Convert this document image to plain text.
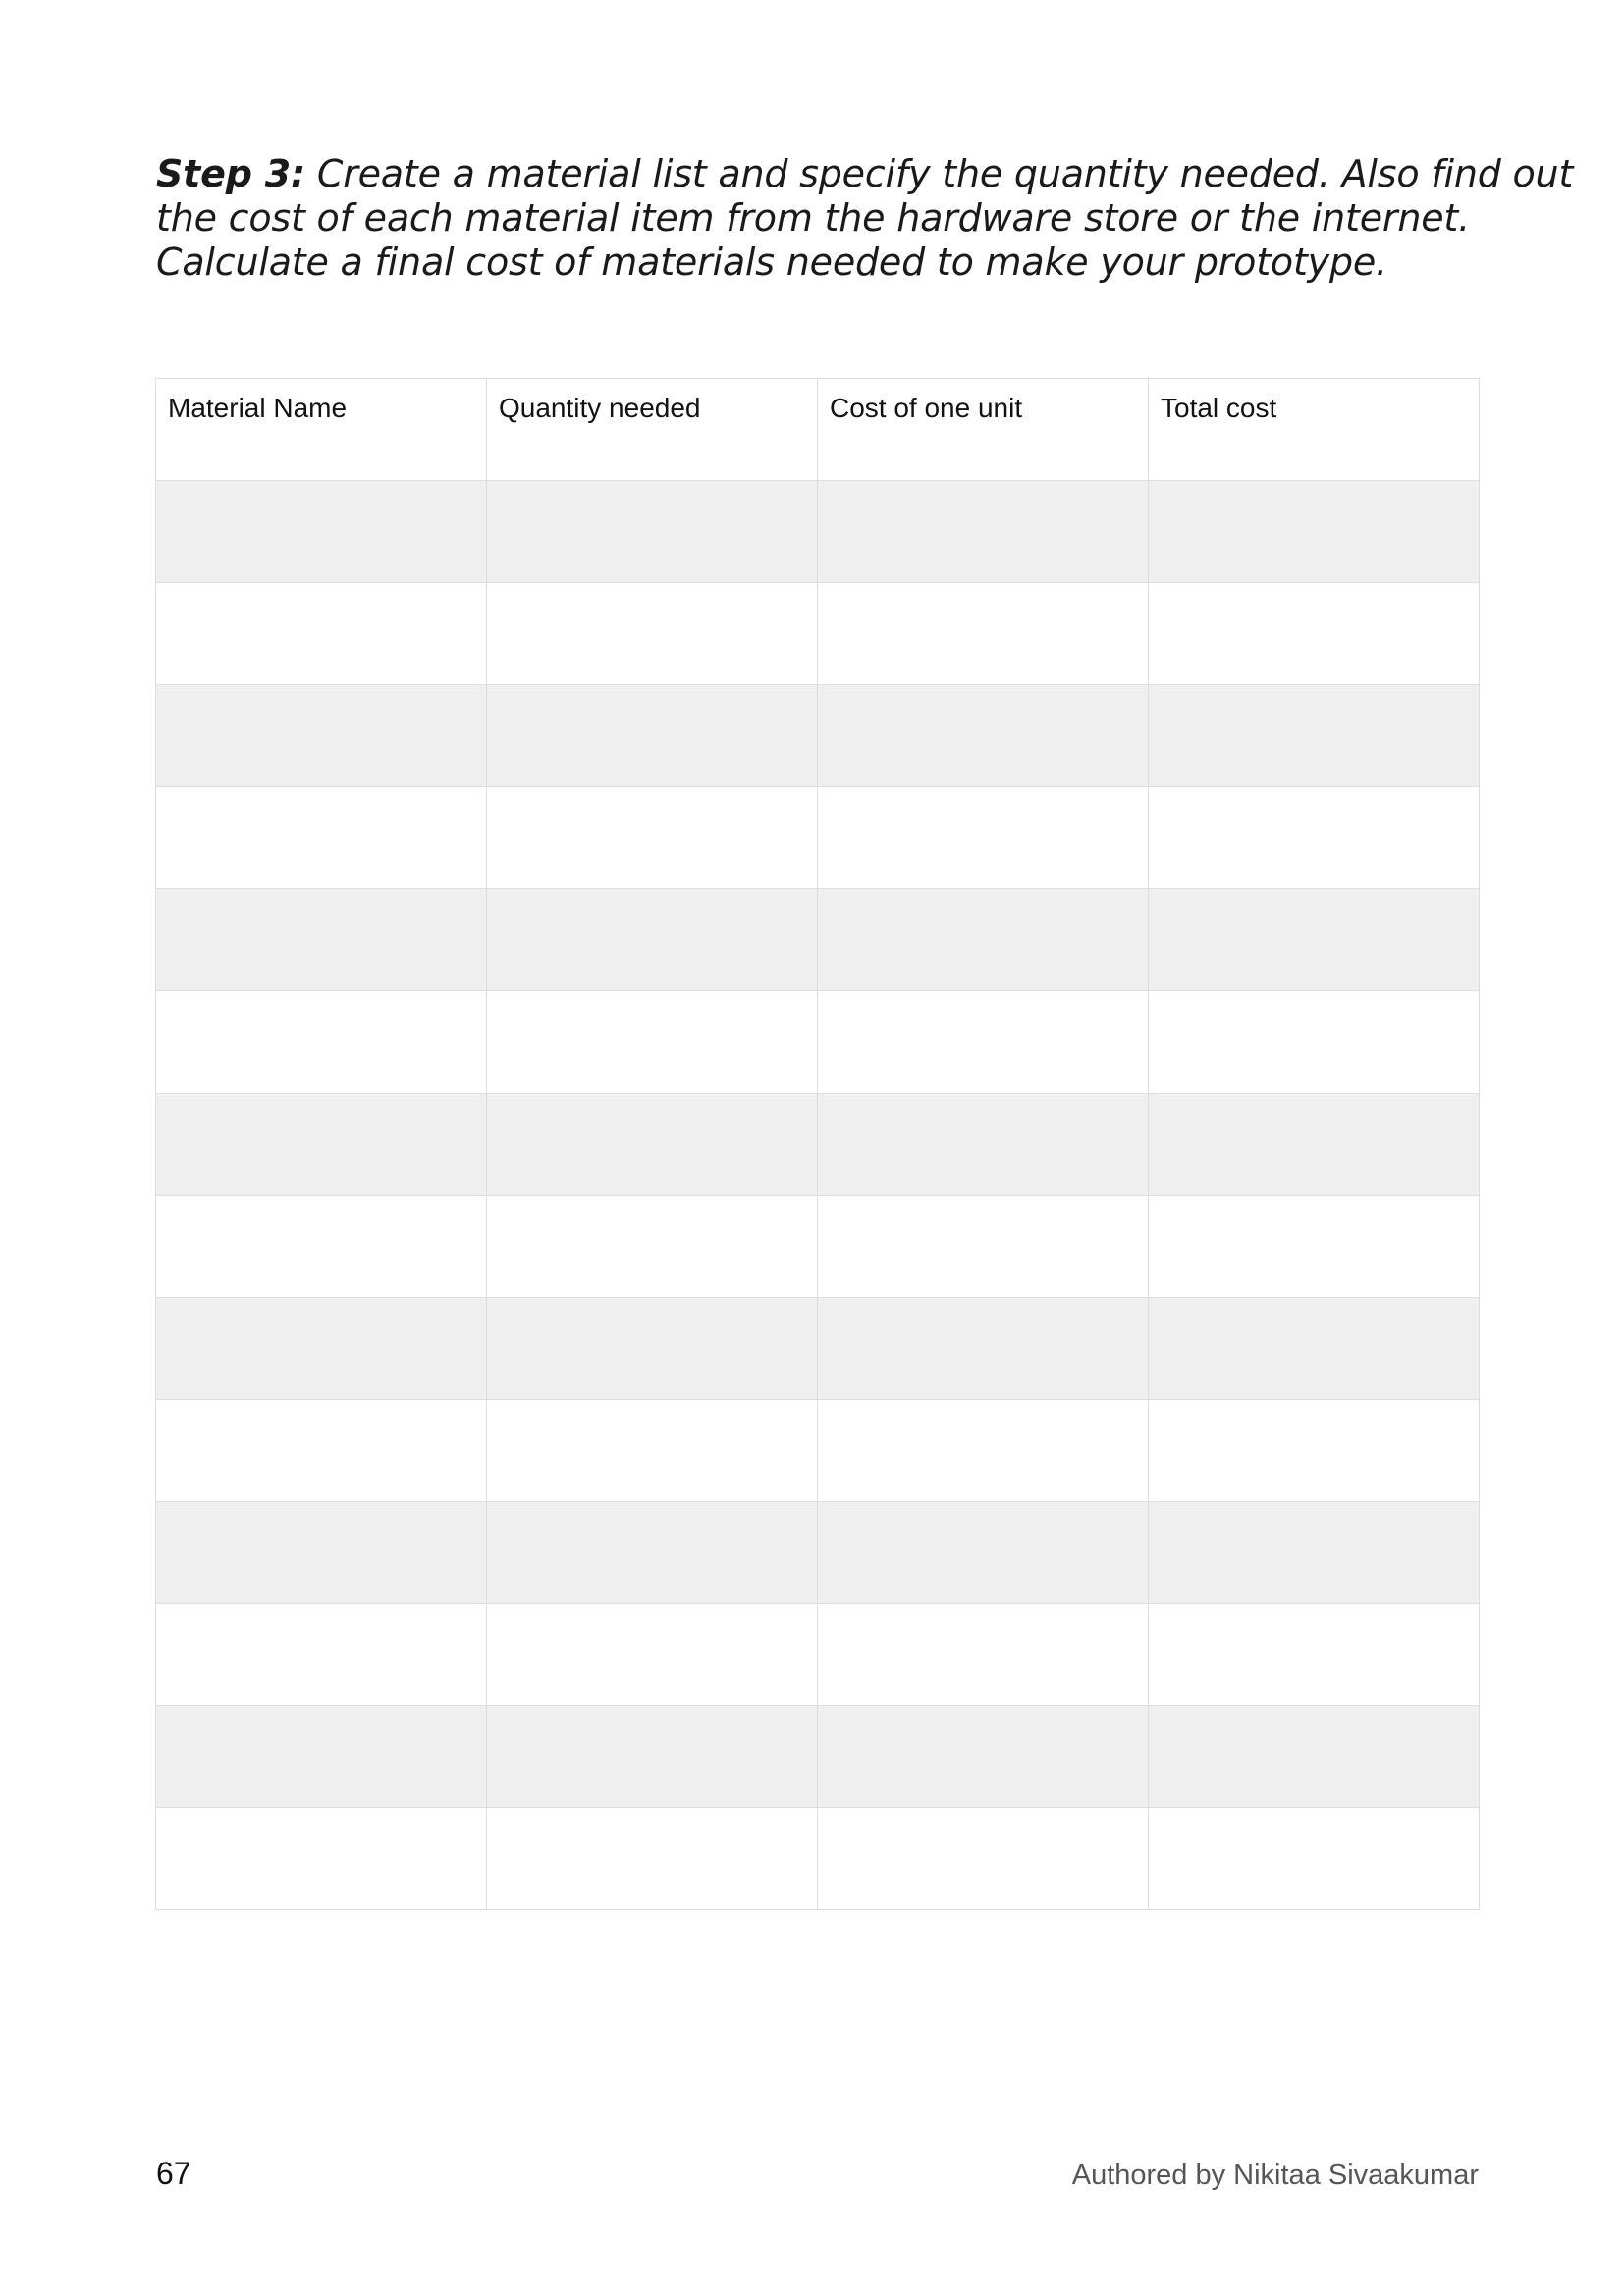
Step 3: Create a material list and specify the quantity needed. Also find out
the cost of each material item from the hardware store or the internet.
Calculate a final cost of materials needed to make your prototype.
Material Name	Quantity needed	Cost of one unit	Total cost

67	Authored by Nikitaa Sivaakumar
